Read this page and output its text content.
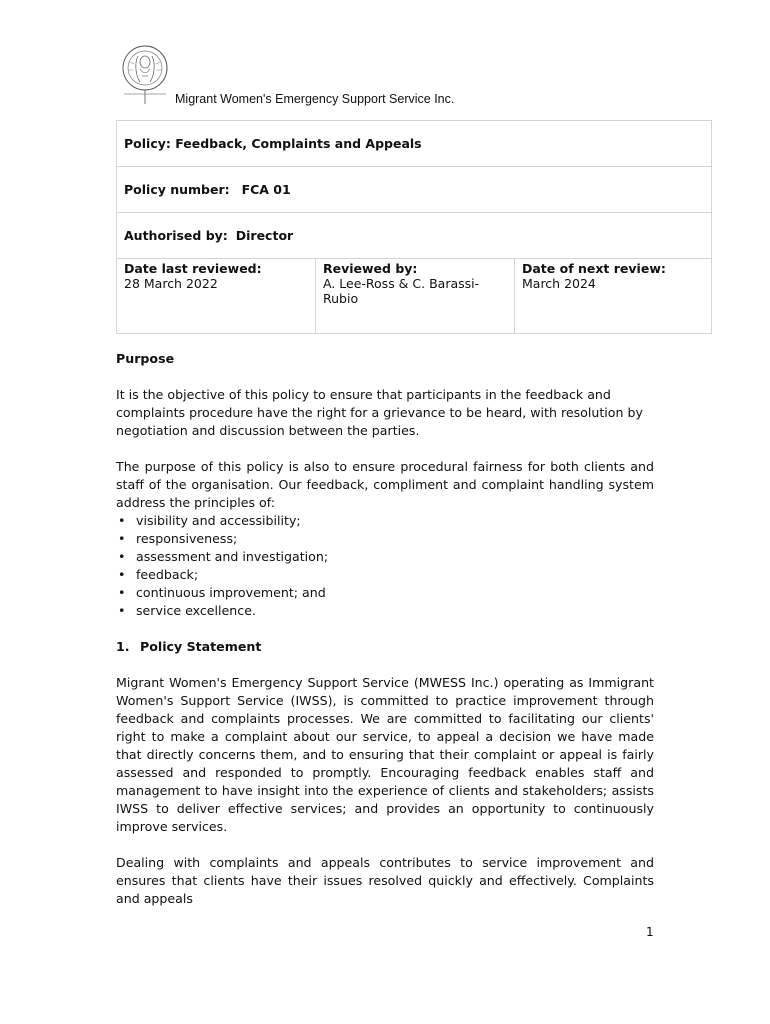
Migrant Women's Emergency Support Service Inc.
Policy: Feedback, Complaints and Appeals
Policy number: FCA 01
Authorised by: Director

Date last reviewed:
28 March 2022

Reviewed by:
A. Lee-Ross & C. Barassi-Rubio

Date of next review:
March 2024

Purpose

It is the objective of this policy to ensure that participants in the feedback and complaints procedure have the right for a grievance to be heard, with resolution by negotiation and discussion between the parties.

The purpose of this policy is also to ensure procedural fairness for both clients and staff of the organisation. Our feedback, compliment and complaint handling system address the principles of:

• visibility and accessibility;
• responsiveness;
• assessment and investigation;
• feedback;
• continuous improvement; and
• service excellence.

1. Policy Statement

Migrant Women's Emergency Support Service (MWESS Inc.) operating as Immigrant Women's Support Service (IWSS), is committed to practice improvement through feedback and complaints processes. We are committed to facilitating our clients' right to make a complaint about our service, to appeal a decision we have made that directly concerns them, and to ensuring that their complaint or appeal is fairly assessed and responded to promptly. Encouraging feedback enables staff and management to have insight into the experience of clients and stakeholders; assists IWSS to deliver effective services; and provides an opportunity to continuously improve services.

Dealing with complaints and appeals contributes to service improvement and ensures that clients have their issues resolved quickly and effectively. Complaints and appeals

1
